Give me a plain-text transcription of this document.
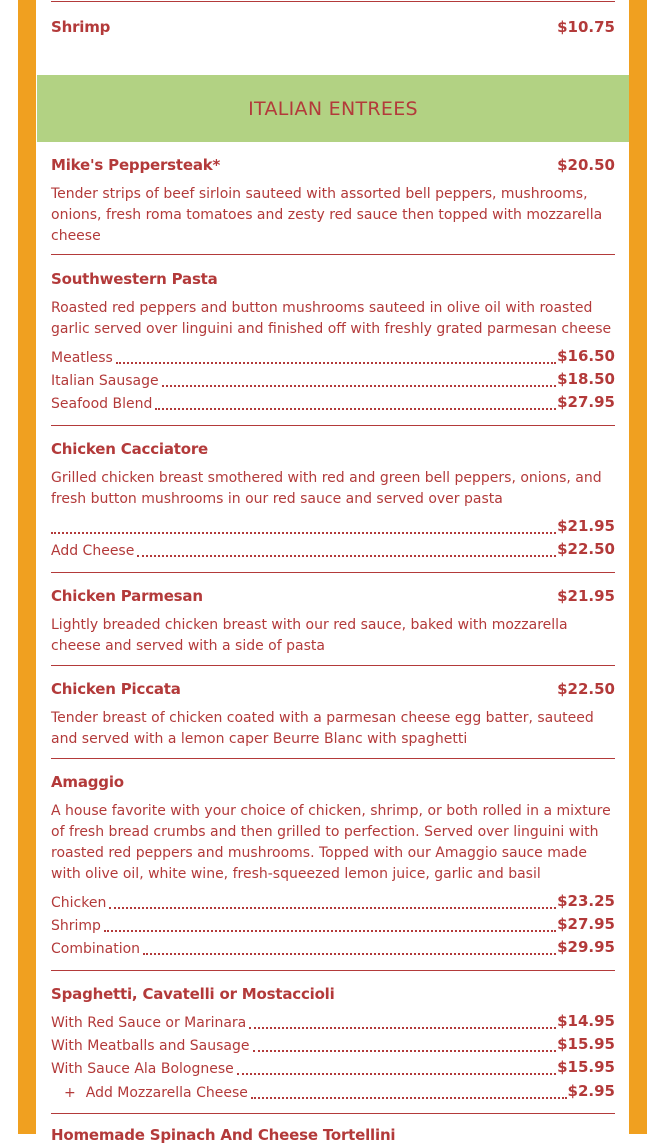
ITALIAN ENTREES
Shrimp	$10.75
Mike's Peppersteak*	$20.50
Tender strips of beef sirloin sauteed with assorted bell peppers, mushrooms, onions, fresh roma tomatoes and zesty red sauce then topped with mozzarella cheese
Southwestern Pasta
Roasted red peppers and button mushrooms sauteed in olive oil with roasted garlic served over linguini and finished off with freshly grated parmesan cheese
Meatless	$16.50
Italian Sausage	$18.50
Seafood Blend	$27.95
Chicken Cacciatore
Grilled chicken breast smothered with red and green bell peppers, onions, and fresh button mushrooms in our red sauce and served over pasta
$21.95
Add Cheese	$22.50
Chicken Parmesan	$21.95
Lightly breaded chicken breast with our red sauce, baked with mozzarella cheese and served with a side of pasta
Chicken Piccata	$22.50
Tender breast of chicken coated with a parmesan cheese egg batter, sauteed and served with a lemon caper Beurre Blanc with spaghetti
Amaggio
A house favorite with your choice of chicken, shrimp, or both rolled in a mixture of fresh bread crumbs and then grilled to perfection. Served over linguini with roasted red peppers and mushrooms. Topped with our Amaggio sauce made with olive oil, white wine, fresh-squeezed lemon juice, garlic and basil
Chicken	$23.25
Shrimp	$27.95
Combination	$29.95
Spaghetti, Cavatelli or Mostaccioli
With Red Sauce or Marinara	$14.95
With Meatballs and Sausage	$15.95
With Sauce Ala Bolognese	$15.95
+ Add Mozzarella Cheese	$2.95
Homemade Spinach And Cheese Tortellini
